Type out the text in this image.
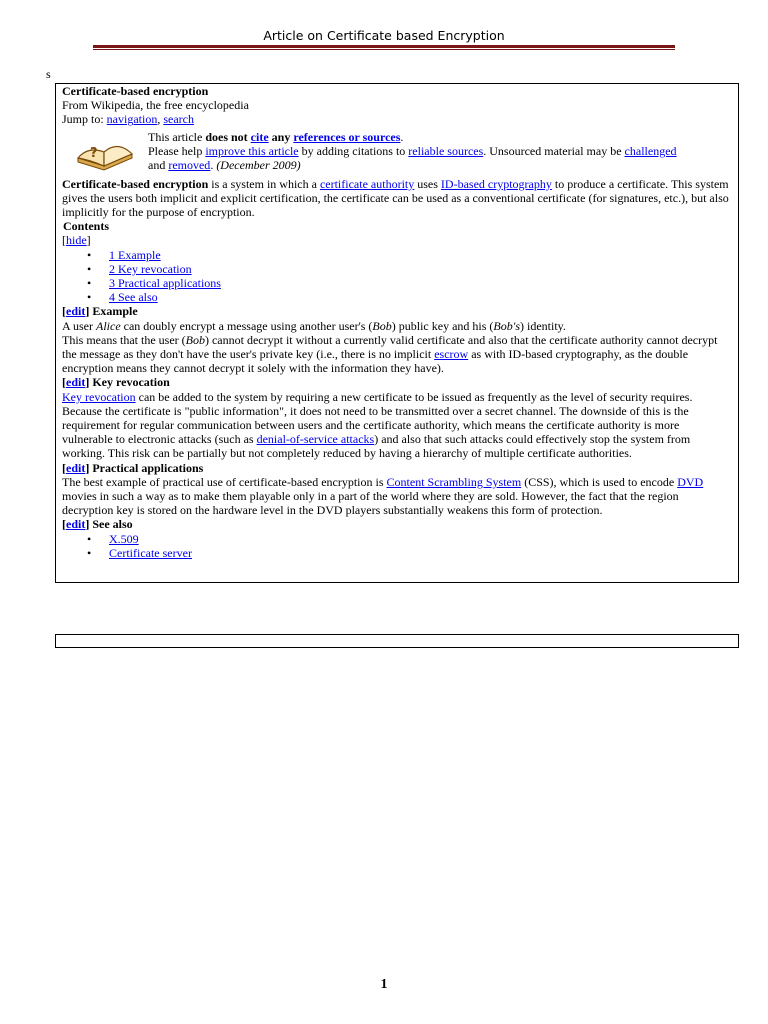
Article on Certificate based Encryption
s
Certificate-based encryption
From Wikipedia, the free encyclopedia
Jump to: navigation, search
?
This article does not cite any references or sources.
Please help improve this article by adding citations to reliable sources. Unsourced material may be challenged
and removed. (December 2009)

Certificate-based encryption is a system in which a certificate authority uses ID-based cryptography to produce a certificate. This system gives the users both implicit and explicit certification, the certificate can be used as a conventional certificate (for signatures, etc.), but also implicitly for the purpose of encryption.

Contents
[hide]
• 1 Example
• 2 Key revocation
• 3 Practical applications
• 4 See also
[edit] Example

A user Alice can doubly encrypt a message using another user's (Bob) public key and his (Bob's) identity.

This means that the user (Bob) cannot decrypt it without a currently valid certificate and also that the certificate authority cannot decrypt the message as they don't have the user's private key (i.e., there is no implicit escrow as with ID-based cryptography, as the double encryption means they cannot decrypt it solely with the information they have).

[edit] Key revocation

Key revocation can be added to the system by requiring a new certificate to be issued as frequently as the level of security requires. Because the certificate is "public information", it does not need to be transmitted over a secret channel. The downside of this is the requirement for regular communication between users and the certificate authority, which means the certificate authority is more vulnerable to electronic attacks (such as denial-of-service attacks) and also that such attacks could effectively stop the system from working. This risk can be partially but not completely reduced by having a hierarchy of multiple certificate authorities.

[edit] Practical applications

The best example of practical use of certificate-based encryption is Content Scrambling System (CSS), which is used to encode DVD movies in such a way as to make them playable only in a part of the world where they are sold. However, the fact that the region decryption key is stored on the hardware level in the DVD players substantially weakens this form of protection.

[edit] See also
• X.509
• Certificate server
1
